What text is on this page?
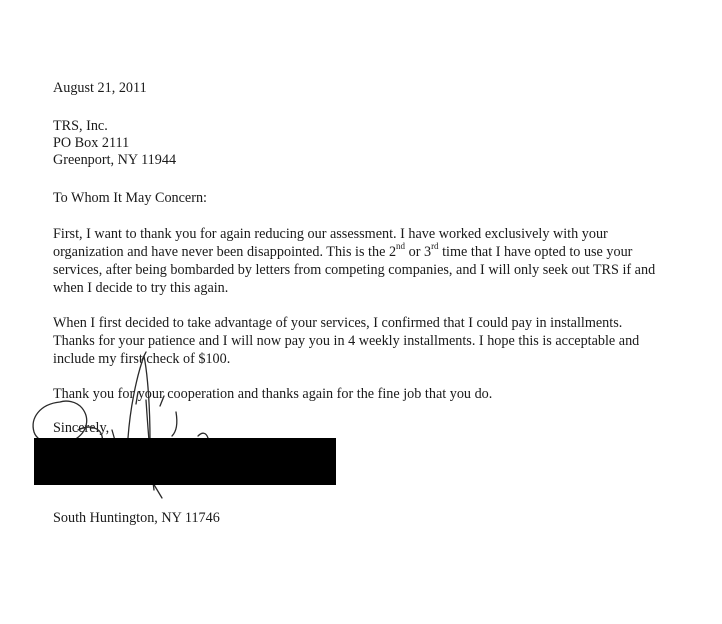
August 21, 2011

TRS, Inc.

PO Box 2111

Greenport, NY 11944

To Whom It May Concern:

First, I want to thank you for again reducing our assessment. I have worked exclusively with your organization and have never been disappointed. This is the 2nd or 3rd time that I have opted to use your services, after being bombarded by letters from competing companies, and I will only seek out TRS if and when I decide to try this again.

When I first decided to take advantage of your services, I confirmed that I could pay in installments. Thanks for your patience and I will now pay you in 4 weekly installments. I hope this is acceptable and include my first check of $100.

Thank you for your cooperation and thanks again for the fine job that you do.

Sincerely,

South Huntington, NY 11746
